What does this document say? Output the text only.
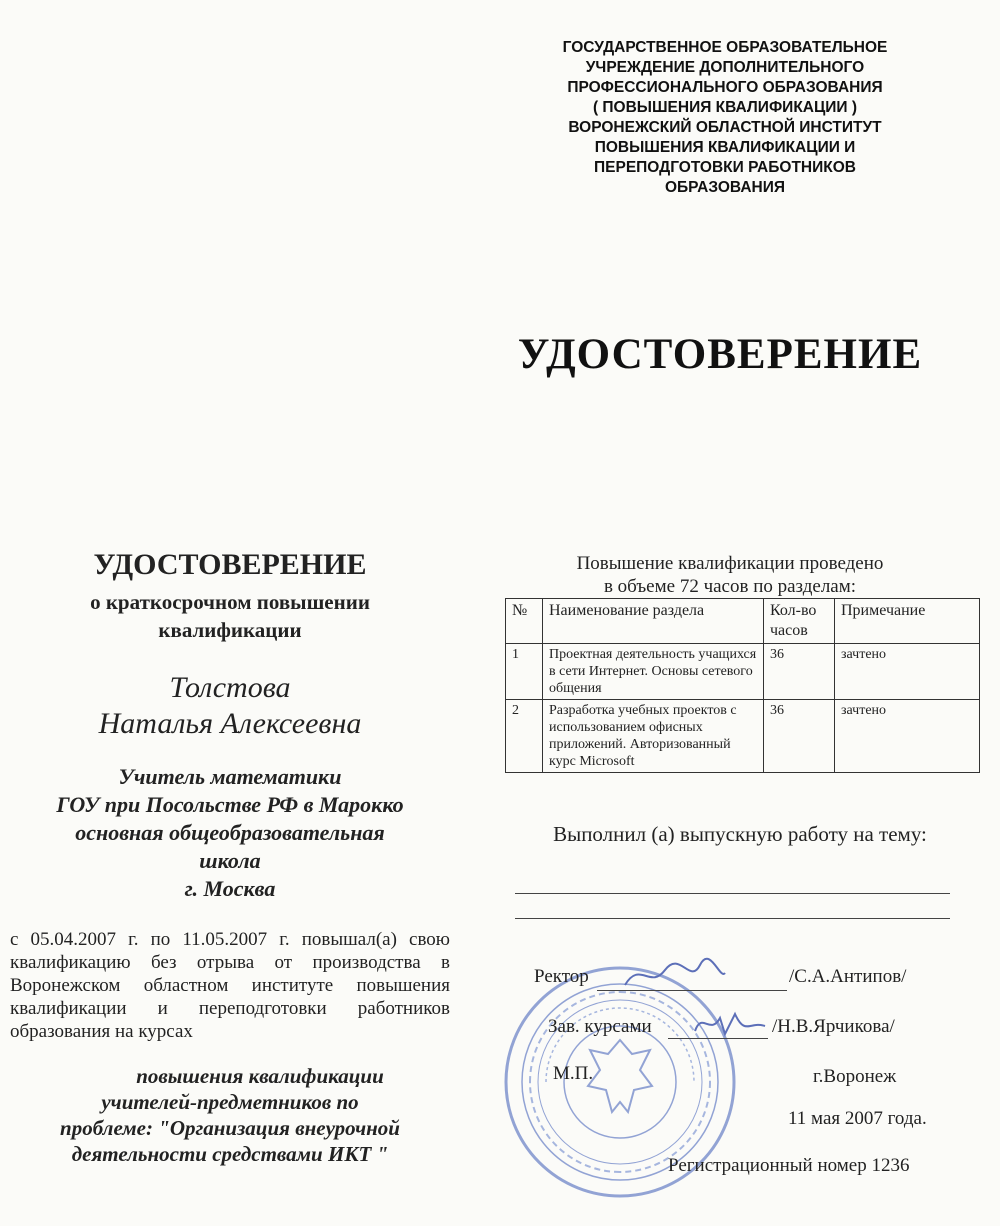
ГОСУДАРСТВЕННОЕ ОБРАЗОВАТЕЛЬНОЕ
УЧРЕЖДЕНИЕ ДОПОЛНИТЕЛЬНОГО
ПРОФЕССИОНАЛЬНОГО ОБРАЗОВАНИЯ
( ПОВЫШЕНИЯ КВАЛИФИКАЦИИ )
ВОРОНЕЖСКИЙ ОБЛАСТНОЙ ИНСТИТУТ
ПОВЫШЕНИЯ КВАЛИФИКАЦИИ И
ПЕРЕПОДГОТОВКИ РАБОТНИКОВ
ОБРАЗОВАНИЯ
УДОСТОВЕРЕНИЕ
УДОСТОВЕРЕНИЕ
о краткосрочном повышении
квалификации
Толстова
Наталья Алексеевна
Учитель математики
ГОУ при Посольстве РФ в Марокко
основная общеобразовательная
школа
г. Москва
с 05.04.2007 г. по 11.05.2007 г. повышал(а) свою квалификацию без отрыва от производства в Воронежском областном институте повышения квалификации и переподготовки работников образования на курсах
повышения квалификации
учителей-предметников по
проблеме: "Организация внеурочной
деятельности средствами ИКТ "
Повышение квалификации проведено
в объеме 72 часов по разделам:
№	Наименование раздела	Кол-во часов	Примечание
1	Проектная деятельность учащихся в сети Интернет. Основы сетевого общения	36	зачтено
2	Разработка учебных проектов с использованием офисных приложений. Авторизованный курс Microsoft	36	зачтено
Выполнил (а) выпускную работу на тему:
Ректор	/С.А.Антипов/
Зав. курсами	/Н.В.Ярчикова/
М.П.	г.Воронеж
11 мая 2007 года.
Регистрационный номер 1236
